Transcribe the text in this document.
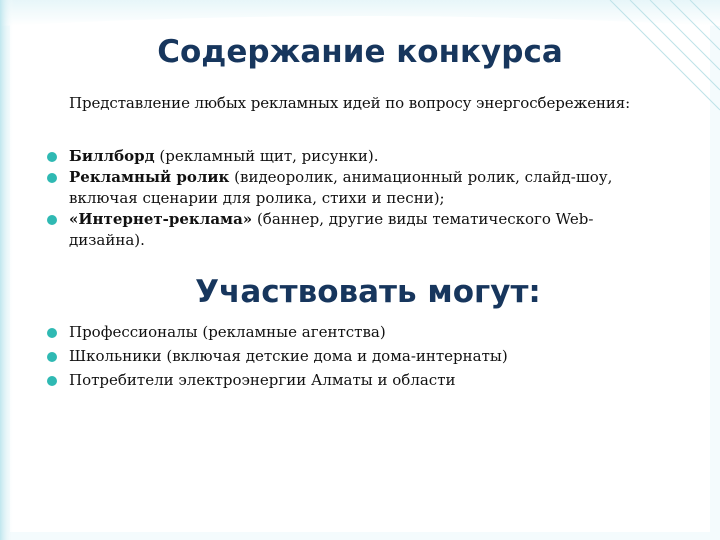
Содержание конкурса
Представление любых рекламных идей по вопросу энергосбережения:
Биллборд (рекламный щит, рисунки).
Рекламный ролик (видеоролик, анимационный ролик, слайд-шоу, включая сценарии для ролика, стихи и песни);
«Интернет-реклама» (баннер, другие виды тематического Web-дизайна).
Участвовать могут:
Профессионалы (рекламные агентства)
Школьники (включая детские дома и дома-интернаты)
Потребители электроэнергии Алматы и области
